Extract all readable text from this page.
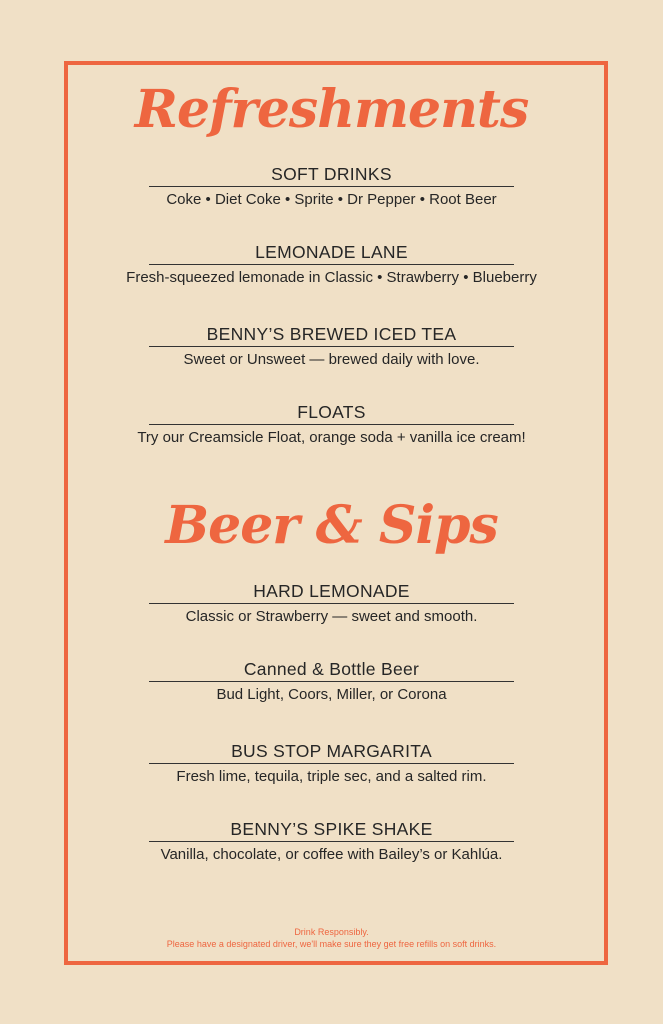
Refreshments
SOFT DRINKS
Coke • Diet Coke • Sprite • Dr Pepper • Root Beer
LEMONADE LANE
Fresh-squeezed lemonade in Classic • Strawberry • Blueberry
BENNY’S BREWED ICED TEA
Sweet or Unsweet — brewed daily with love.
FLOATS
Try our Creamsicle Float, orange soda + vanilla ice cream!
Beer & Sips
HARD LEMONADE
Classic or Strawberry — sweet and smooth.
Canned & Bottle Beer
Bud Light, Coors, Miller, or Corona
BUS STOP MARGARITA
Fresh lime, tequila, triple sec, and a salted rim.
BENNY’S SPIKE SHAKE
Vanilla, chocolate, or coffee with Bailey’s or Kahlúa.
Drink Responsibly.
Please have a designated driver, we'll make sure they get free refills on soft drinks.
